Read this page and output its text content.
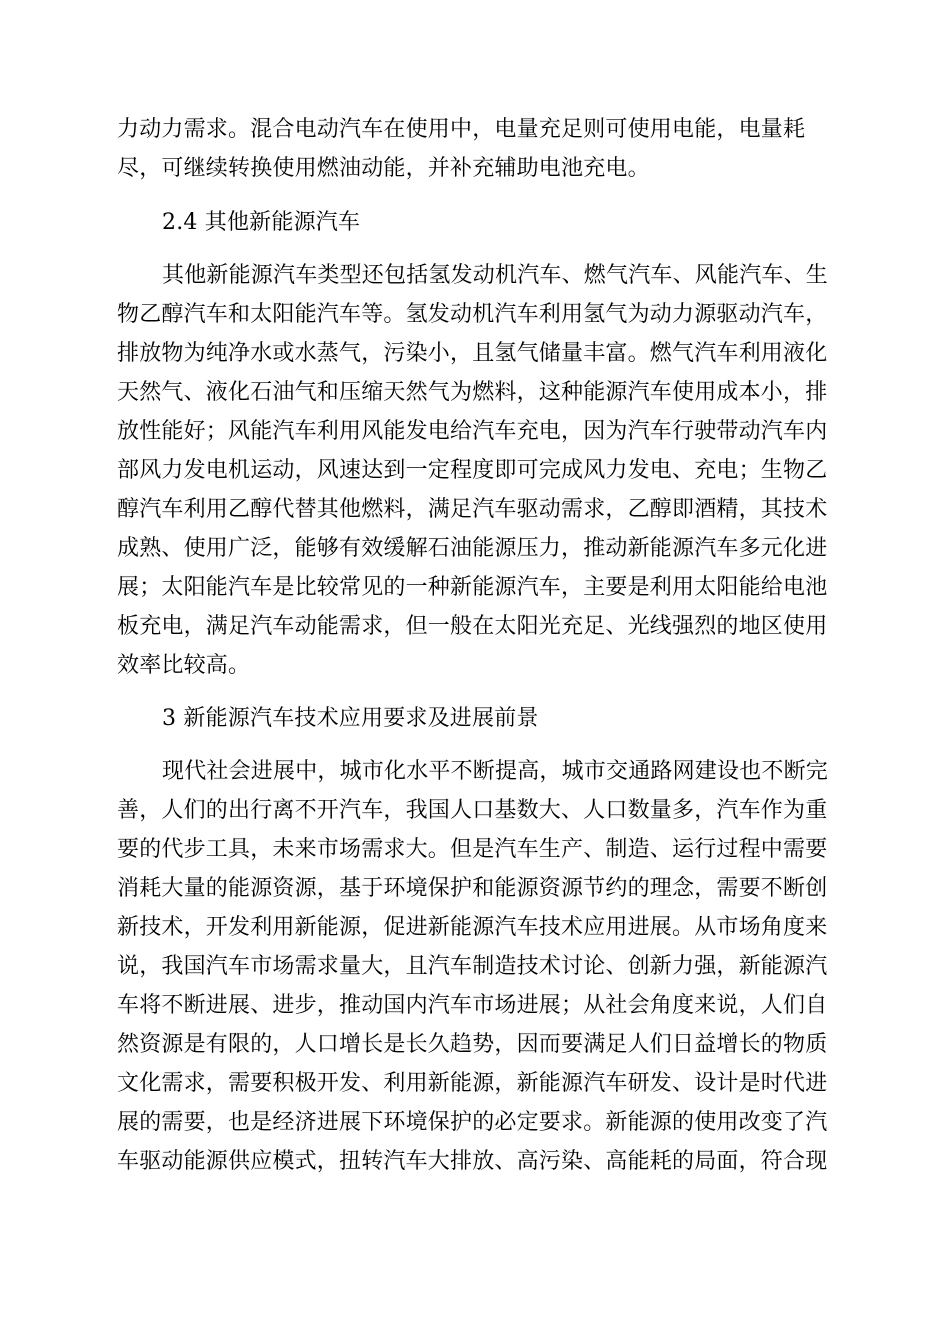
力动力需求。混合电动汽车在使用中，电量充足则可使用电能，电量耗
尽，可继续转换使用燃油动能，并补充辅助电池充电。
2.4 其他新能源汽车
其他新能源汽车类型还包括氢发动机汽车、燃气汽车、风能汽车、生
物乙醇汽车和太阳能汽车等。氢发动机汽车利用氢气为动力源驱动汽车，
排放物为纯净水或水蒸气，污染小，且氢气储量丰富。燃气汽车利用液化
天然气、液化石油气和压缩天然气为燃料，这种能源汽车使用成本小，排
放性能好；风能汽车利用风能发电给汽车充电，因为汽车行驶带动汽车内
部风力发电机运动，风速达到一定程度即可完成风力发电、充电；生物乙
醇汽车利用乙醇代替其他燃料，满足汽车驱动需求，乙醇即酒精，其技术
成熟、使用广泛，能够有效缓解石油能源压力，推动新能源汽车多元化进
展；太阳能汽车是比较常见的一种新能源汽车，主要是利用太阳能给电池
板充电，满足汽车动能需求，但一般在太阳光充足、光线强烈的地区使用
效率比较高。
3 新能源汽车技术应用要求及进展前景
现代社会进展中，城市化水平不断提高，城市交通路网建设也不断完
善，人们的出行离不开汽车，我国人口基数大、人口数量多，汽车作为重
要的代步工具，未来市场需求大。但是汽车生产、制造、运行过程中需要
消耗大量的能源资源，基于环境保护和能源资源节约的理念，需要不断创
新技术，开发利用新能源，促进新能源汽车技术应用进展。从市场角度来
说，我国汽车市场需求量大，且汽车制造技术讨论、创新力强，新能源汽
车将不断进展、进步，推动国内汽车市场进展；从社会角度来说，人们自
然资源是有限的，人口增长是长久趋势，因而要满足人们日益增长的物质
文化需求，需要积极开发、利用新能源，新能源汽车研发、设计是时代进
展的需要，也是经济进展下环境保护的必定要求。新能源的使用改变了汽
车驱动能源供应模式，扭转汽车大排放、高污染、高能耗的局面，符合现
